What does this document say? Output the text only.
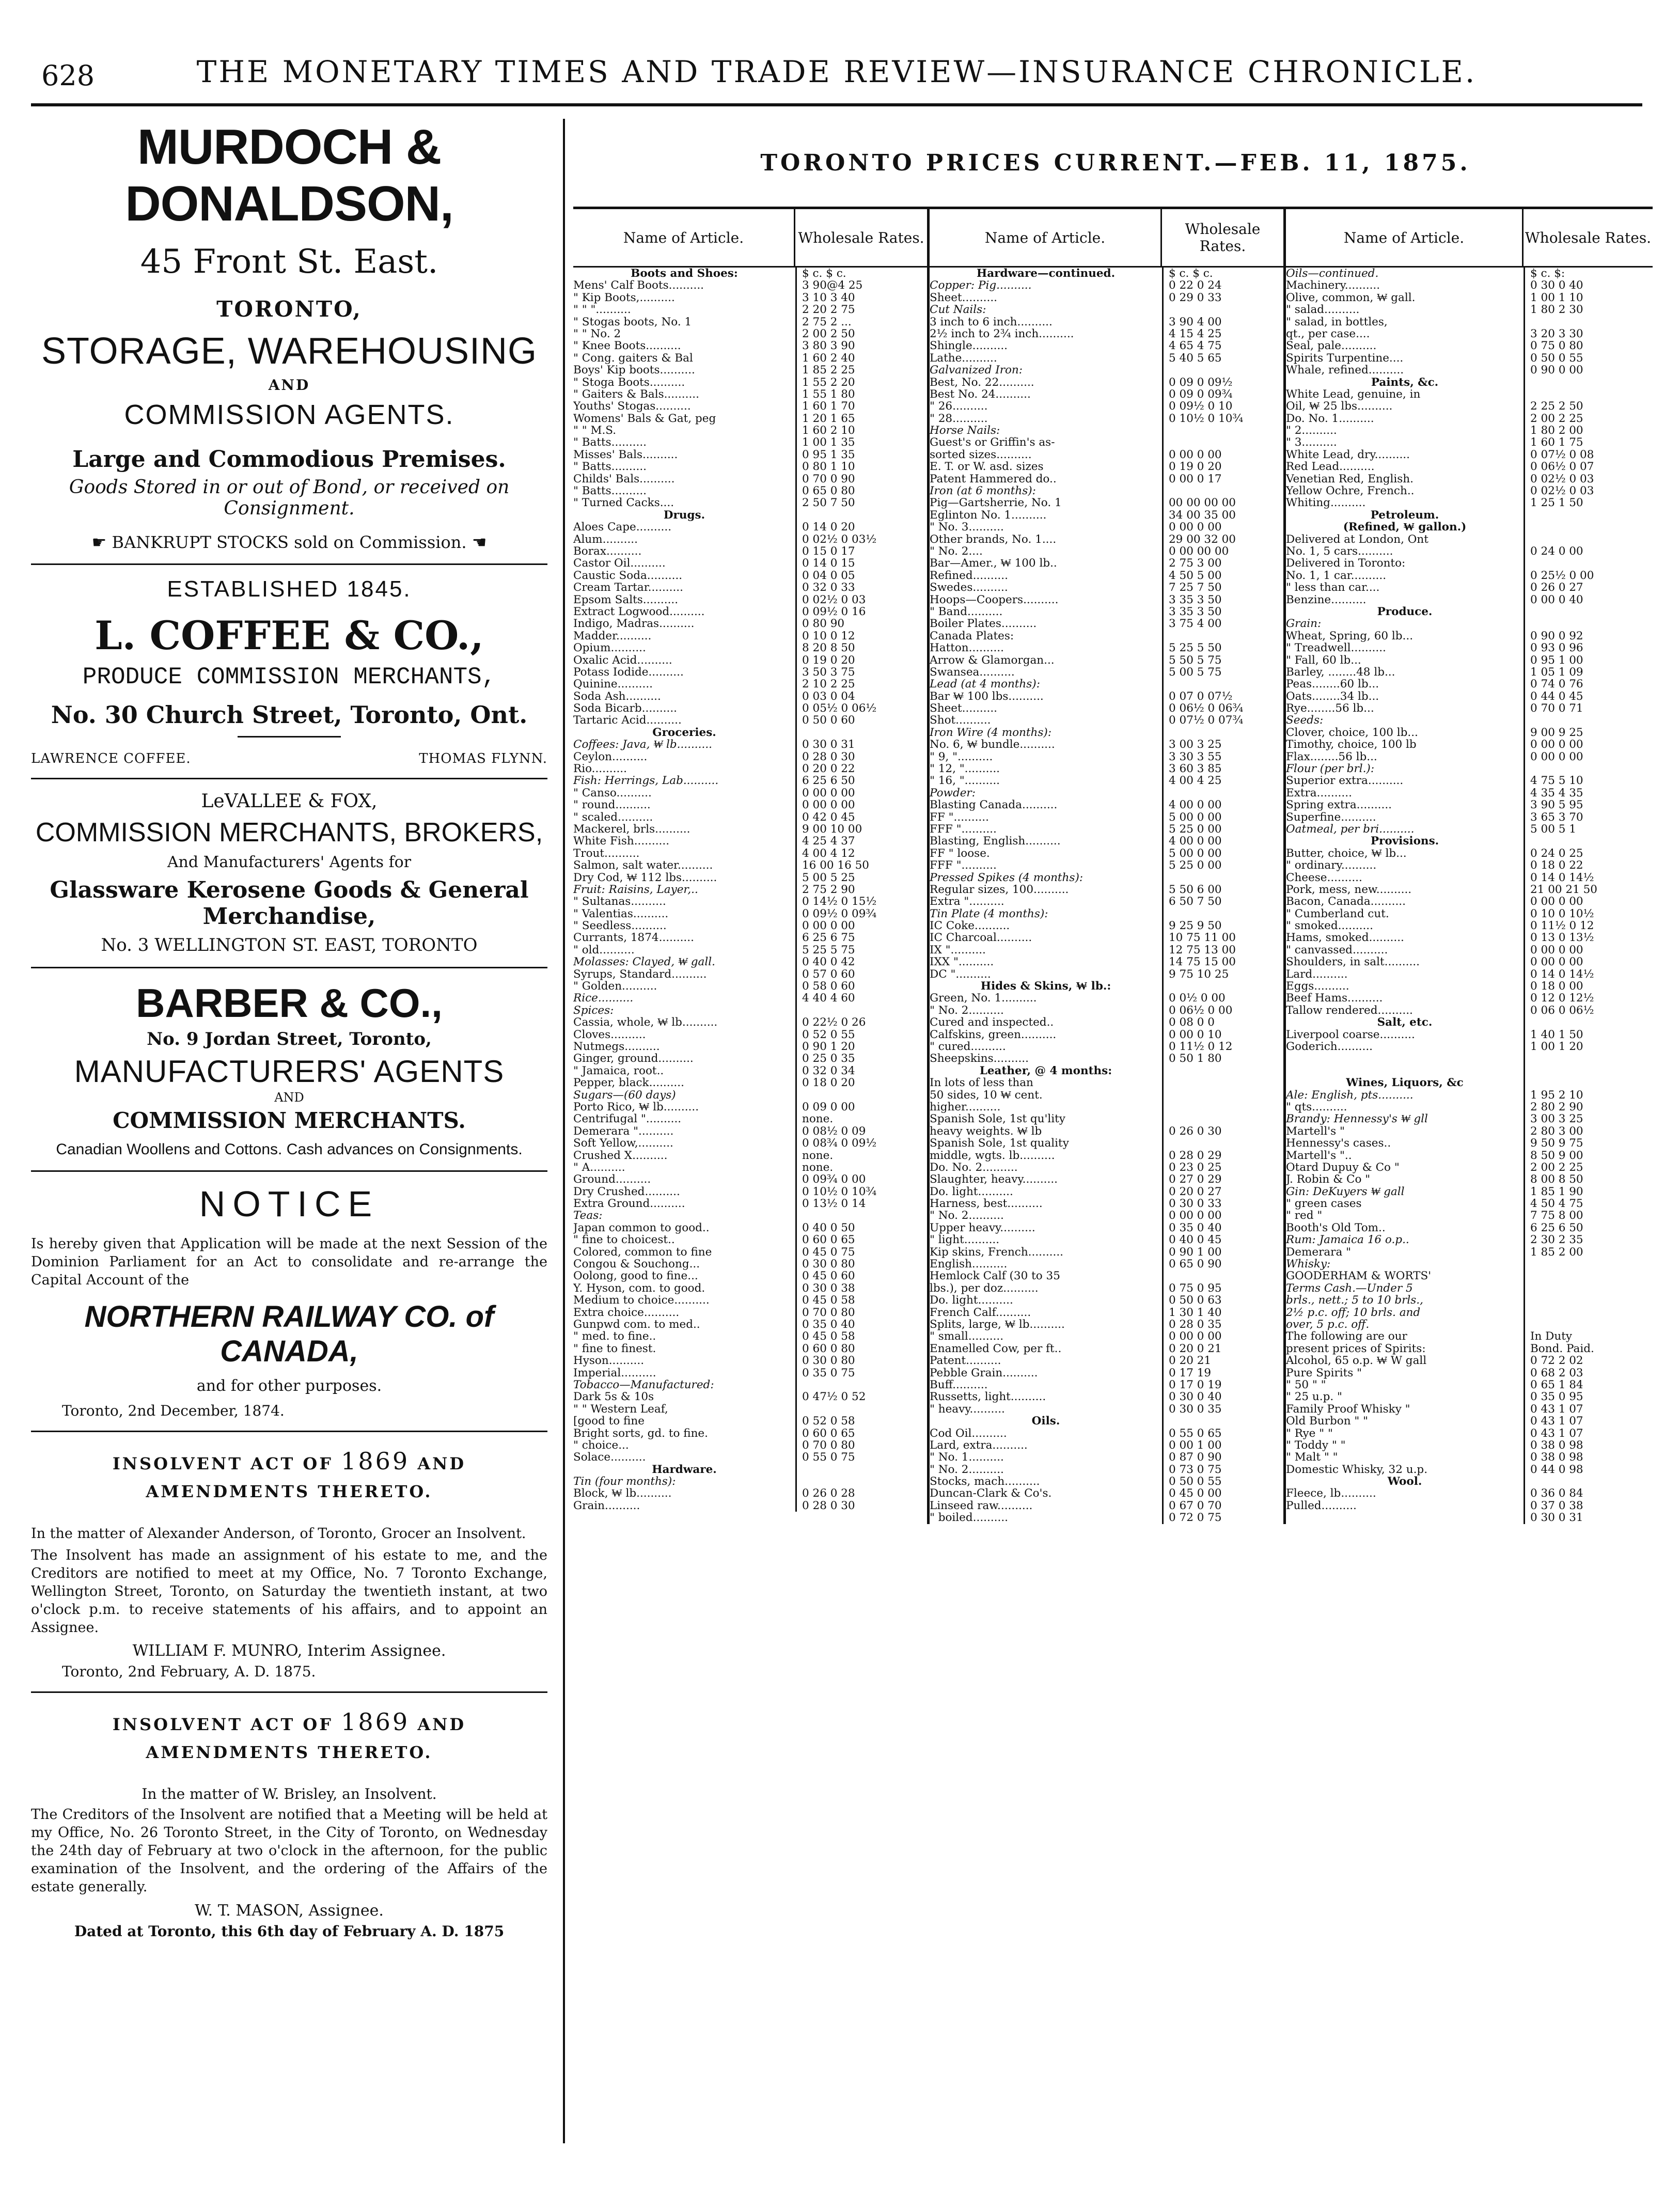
628	THE MONETARY TIMES AND TRADE REVIEW—INSURANCE CHRONICLE.
MURDOCH & DONALDSON,
45 Front St. East.
TORONTO,
STORAGE, WAREHOUSING
AND
COMMISSION AGENTS.
Large and Commodious Premises.
Goods Stored in or out of Bond, or received on Consignment.
☛ BANKRUPT STOCKS sold on Commission. ☚
ESTABLISHED 1845.
L. COFFEE & CO.,
PRODUCE COMMISSION MERCHANTS,
No. 30 Church Street, Toronto, Ont.
LAWRENCE COFFEE.	THOMAS FLYNN.
LeVALLEE & FOX,
COMMISSION MERCHANTS, BROKERS,
And Manufacturers' Agents for
Glassware Kerosene Goods & General Merchandise,
No. 3 WELLINGTON ST. EAST, TORONTO
BARBER & CO.,
No. 9 Jordan Street, Toronto,
MANUFACTURERS' AGENTS
AND
COMMISSION MERCHANTS.
Canadian Woollens and Cottons. Cash advances on Consignments.
NOTICE
Is hereby given that Application will be made at the next Session of the Dominion Parliament for an Act to consolidate and re-arrange the Capital Account of the
NORTHERN RAILWAY CO. of CANADA,
and for other purposes.
Toronto, 2nd December, 1874.
INSOLVENT ACT OF 1869 AND AMENDMENTS THERETO.
In the matter of Alexander Anderson, of Toronto, Grocer an Insolvent.
The Insolvent has made an assignment of his estate to me, and the Creditors are notified to meet at my Office, No. 7 Toronto Exchange, Wellington Street, Toronto, on Saturday the twentieth instant, at two o'clock p.m. to receive statements of his affairs, and to appoint an Assignee.
WILLIAM F. MUNRO, Interim Assignee.
Toronto, 2nd February, A. D. 1875.
INSOLVENT ACT OF 1869 AND AMENDMENTS THERETO.
In the matter of W. Brisley, an Insolvent.
The Creditors of the Insolvent are notified that a Meeting will be held at my Office, No. 26 Toronto Street, in the City of Toronto, on Wednesday the 24th day of February at two o'clock in the afternoon, for the public examination of the Insolvent, and the ordering of the Affairs of the estate generally.
W. T. MASON, Assignee.
Dated at Toronto, this 6th day of February A. D. 1875
TORONTO PRICES CURRENT.—FEB. 11, 1875.
Name of Article.	Wholesale Rates.	Name of Article.	Wholesale Rates.	Name of Article.	Wholesale Rates.
Boots and Shoes:	$ c. $ c.
Mens' Calf Boots..........	3 90@4 25
" Kip Boots,..........	3 10 3 40
" " "..........	2 20 2 75
" Stogas boots, No. 1	2 75 2 ...
" " No. 2	2 00 2 50
" Knee Boots..........	3 80 3 90
" Cong. gaiters & Bal	1 60 2 40
Boys' Kip boots..........	1 85 2 25
" Stoga Boots..........	1 55 2 20
" Gaiters & Bals..........	1 55 1 80
Youths' Stogas..........	1 60 1 70
Womens' Bals & Gat, peg	1 20 1 65
" " M.S.	1 60 2 10
" Batts..........	1 00 1 35
Misses' Bals..........	0 95 1 35
" Batts..........	0 80 1 10
Childs' Bals..........	0 70 0 90
" Batts..........	0 65 0 80
" Turned Cacks....	2 50 7 50
Drugs.
Aloes Cape..........	0 14 0 20
Alum..........	0 02½ 0 03½
Borax..........	0 15 0 17
Castor Oil..........	0 14 0 15
Caustic Soda..........	0 04 0 05
Cream Tartar..........	0 32 0 33
Epsom Salts..........	0 02½ 0 03
Extract Logwood..........	0 09½ 0 16
Indigo, Madras..........	0 80 90
Madder..........	0 10 0 12
Opium..........	8 20 8 50
Oxalic Acid..........	0 19 0 20
Potass Iodide..........	3 50 3 75
Quinine..........	2 10 2 25
Soda Ash..........	0 03 0 04
Soda Bicarb..........	0 05½ 0 06½
Tartaric Acid..........	0 50 0 60
Groceries.
Coffees: Java, ₩ lb..........	0 30 0 31
Ceylon..........	0 28 0 30
Rio..........	0 20 0 22
Fish: Herrings, Lab..........	6 25 6 50
" Canso..........	0 00 0 00
" round..........	0 00 0 00
" scaled..........	0 42 0 45
Mackerel, brls..........	9 00 10 00
White Fish..........	4 25 4 37
Trout..........	4 00 4 12
Salmon, salt water..........	16 00 16 50
Dry Cod, ₩ 112 lbs..........	5 00 5 25
Fruit: Raisins, Layer,..	2 75 2 90
" Sultanas..........	0 14½ 0 15½
" Valentias..........	0 09½ 0 09¾
" Seedless..........	0 00 0 00
Currants, 1874..........	6 25 6 75
" old..........	5 25 5 75
Molasses: Clayed, ₩ gall.	0 40 0 42
Syrups, Standard..........	0 57 0 60
" Golden..........	0 58 0 60
Rice..........	4 40 4 60
Spices:
Cassia, whole, ₩ lb..........	0 22½ 0 26
Cloves..........	0 52 0 55
Nutmegs..........	0 90 1 20
Ginger, ground..........	0 25 0 35
" Jamaica, root..	0 32 0 34
Pepper, black..........	0 18 0 20
Sugars—(60 days)
Porto Rico, ₩ lb..........	0 09 0 00
Centrifugal "..........	none.
Demerara "..........	0 08½ 0 09
Soft Yellow,..........	0 08¾ 0 09½
Crushed X..........	none.
" A..........	none.
Ground..........	0 09¾ 0 00
Dry Crushed..........	0 10½ 0 10¾
Extra Ground..........	0 13½ 0 14
Teas:
Japan common to good..	0 40 0 50
" fine to choicest..	0 60 0 65
Colored, common to fine	0 45 0 75
Congou & Souchong...	0 30 0 80
Oolong, good to fine...	0 45 0 60
Y. Hyson, com. to good.	0 30 0 38
Medium to choice..........	0 45 0 58
Extra choice..........	0 70 0 80
Gunpwd com. to med..	0 35 0 40
" med. to fine..	0 45 0 58
" fine to finest.	0 60 0 80
Hyson..........	0 30 0 80
Imperial..........	0 35 0 75
Tobacco—Manufactured:
Dark 5s & 10s	0 47½ 0 52
" " Western Leaf,
[good to fine	0 52 0 58
Bright sorts, gd. to fine.	0 60 0 65
" choice...	0 70 0 80
Solace..........	0 55 0 75
Hardware.
Tin (four months):
Block, ₩ lb..........	0 26 0 28
Grain..........	0 28 0 30
Hardware—continued.	$ c. $ c.
Copper: Pig..........	0 22 0 24
Sheet..........	0 29 0 33
Cut Nails:
3 inch to 6 inch..........	3 90 4 00
2½ inch to 2¾ inch..........	4 15 4 25
Shingle..........	4 65 4 75
Lathe..........	5 40 5 65
Galvanized Iron:
Best, No. 22..........	0 09 0 09½
Best No. 24..........	0 09 0 09¾
" 26..........	0 09½ 0 10
" 28..........	0 10½ 0 10¾
Horse Nails:
Guest's or Griffin's as-
sorted sizes..........	0 00 0 00
E. T. or W. asd. sizes	0 19 0 20
Patent Hammered do..	0 00 0 17
Iron (at 6 months):
Pig—Gartsherrie, No. 1	00 00 00 00
Eglinton No. 1..........	34 00 35 00
" No. 3..........	0 00 0 00
Other brands, No. 1....	29 00 32 00
" No. 2....	0 00 00 00
Bar—Amer., ₩ 100 lb..	2 75 3 00
Refined..........	4 50 5 00
Swedes..........	7 25 7 50
Hoops—Coopers..........	3 35 3 50
" Band..........	3 35 3 50
Boiler Plates..........	3 75 4 00
Canada Plates:
Hatton..........	5 25 5 50
Arrow & Glamorgan...	5 50 5 75
Swansea..........	5 00 5 75
Lead (at 4 months):
Bar ₩ 100 lbs..........	0 07 0 07½
Sheet..........	0 06½ 0 06¾
Shot..........	0 07½ 0 07¾
Iron Wire (4 months):
No. 6, ₩ bundle..........	3 00 3 25
" 9, "..........	3 30 3 55
" 12, "..........	3 60 3 85
" 16, "..........	4 00 4 25
Powder:
Blasting Canada..........	4 00 0 00
FF "..........	5 00 0 00
FFF "..........	5 25 0 00
Blasting, English..........	4 00 0 00
FF " loose.	5 00 0 00
FFF "..........	5 25 0 00
Pressed Spikes (4 months):
Regular sizes, 100..........	5 50 6 00
Extra "..........	6 50 7 50
Tin Plate (4 months):
IC Coke..........	9 25 9 50
IC Charcoal..........	10 75 11 00
IX "..........	12 75 13 00
IXX "..........	14 75 15 00
DC "..........	9 75 10 25
Hides & Skins, ₩ lb.:
Green, No. 1..........	0 0½ 0 00
" No. 2..........	0 06½ 0 00
Cured and inspected..	0 08 0 0
Calfskins, green..........	0 00 0 10
" cured..........	0 11½ 0 12
Sheepskins..........	0 50 1 80
Leather, @ 4 months:
In lots of less than
50 sides, 10 ₩ cent.
higher..........
Spanish Sole, 1st qu'lity
heavy weights. ₩ lb	0 26 0 30
Spanish Sole, 1st quality
middle, wgts. lb..........	0 28 0 29
Do. No. 2..........	0 23 0 25
Slaughter, heavy..........	0 27 0 29
Do. light..........	0 20 0 27
Harness, best..........	0 30 0 33
" No. 2..........	0 00 0 00
Upper heavy..........	0 35 0 40
" light..........	0 40 0 45
Kip skins, French..........	0 90 1 00
English..........	0 65 0 90
Hemlock Calf (30 to 35
lbs.), per doz..........	0 75 0 95
Do. light..........	0 50 0 63
French Calf..........	1 30 1 40
Splits, large, ₩ lb..........	0 28 0 35
" small..........	0 00 0 00
Enamelled Cow, per ft..	0 20 0 21
Patent..........	0 20 21
Pebble Grain..........	0 17 19
Buff..........	0 17 0 19
Russetts, light..........	0 30 0 40
" heavy..........	0 30 0 35
Oils.
Cod Oil..........	0 55 0 65
Lard, extra..........	0 00 1 00
" No. 1..........	0 87 0 90
" No. 2..........	0 73 0 75
Stocks, mach..........	0 50 0 55
Duncan-Clark & Co's.	0 45 0 00
Linseed raw..........	0 67 0 70
" boiled..........	0 72 0 75
Oils—continued.	$ c. $:
Machinery..........	0 30 0 40
Olive, common, ₩ gall.	1 00 1 10
" salad..........	1 80 2 30
" salad, in bottles,
qt., per case....	3 20 3 30
Seal, pale..........	0 75 0 80
Spirits Turpentine....	0 50 0 55
Whale, refined..........	0 90 0 00
Paints, &c.
White Lead, genuine, in
Oil, ₩ 25 lbs..........	2 25 2 50
Do. No. 1..........	2 00 2 25
" 2..........	1 80 2 00
" 3..........	1 60 1 75
White Lead, dry..........	0 07½ 0 08
Red Lead..........	0 06½ 0 07
Venetian Red, English.	0 02½ 0 03
Yellow Ochre, French..	0 02½ 0 03
Whiting..........	1 25 1 50
Petroleum.
(Refined, ₩ gallon.)
Delivered at London, Ont
No. 1, 5 cars..........	0 24 0 00
Delivered in Toronto:
No. 1, 1 car..........	0 25½ 0 00
" less than car....	0 26 0 27
Benzine..........	0 00 0 40
Produce.
Grain:
Wheat, Spring, 60 lb...	0 90 0 92
" Treadwell..........	0 93 0 96
" Fall, 60 lb...	0 95 1 00
Barley, ........48 lb...	1 05 1 09
Peas........60 lb...	0 74 0 76
Oats........34 lb...	0 44 0 45
Rye........56 lb...	0 70 0 71
Seeds:
Clover, choice, 100 lb...	9 00 9 25
Timothy, choice, 100 lb	0 00 0 00
Flax........56 lb...	0 00 0 00
Flour (per brl.):
Superior extra..........	4 75 5 10
Extra..........	4 35 4 35
Spring extra..........	3 90 5 95
Superfine..........	3 65 3 70
Oatmeal, per bri..........	5 00 5 1
Provisions.
Butter, choice, ₩ lb...	0 24 0 25
" ordinary..........	0 18 0 22
Cheese..........	0 14 0 14½
Pork, mess, new..........	21 00 21 50
Bacon, Canada..........	0 00 0 00
" Cumberland cut.	0 10 0 10½
" smoked..........	0 11½ 0 12
Hams, smoked..........	0 13 0 13½
" canvassed..........	0 00 0 00
Shoulders, in salt..........	0 00 0 00
Lard..........	0 14 0 14½
Eggs..........	0 18 0 00
Beef Hams..........	0 12 0 12½
Tallow rendered..........	0 06 0 06½
Salt, etc.
Liverpool coarse..........	1 40 1 50
Goderich..........	1 00 1 20
Wines, Liquors, &c
Ale: English, pts..........	1 95 2 10
" qts..........	2 80 2 90
Brandy: Hennessy's ₩ gll	3 00 3 25
Martell's "	2 80 3 00
Hennessy's cases..	9 50 9 75
Martell's "..	8 50 9 00
Otard Dupuy & Co "	2 00 2 25
J. Robin & Co "	8 00 8 50
Gin: DeKuyers ₩ gall	1 85 1 90
" green cases	4 50 4 75
" red "	7 75 8 00
Booth's Old Tom..	6 25 6 50
Rum: Jamaica 16 o.p..	2 30 2 35
Demerara "	1 85 2 00
Whisky:
GOODERHAM & WORTS'
Terms Cash.—Under 5
brls., nett.; 5 to 10 brls.,
2½ p.c. off; 10 brls. and
over, 5 p.c. off.
The following are our	In Duty
present prices of Spirits:	Bond. Paid.
Alcohol, 65 o.p. ₩ W gall	0 72 2 02
Pure Spirits "	0 68 2 03
" 50 " "	0 65 1 84
" 25 u.p. "	0 35 0 95
Family Proof Whisky "	0 43 1 07
Old Burbon " "	0 43 1 07
" Rye " "	0 43 1 07
" Toddy " "	0 38 0 98
" Malt " "	0 38 0 98
Domestic Whisky, 32 u.p.	0 44 0 98
Wool.
Fleece, lb..........	0 36 0 84
Pulled..........	0 37 0 38
0 30 0 31
